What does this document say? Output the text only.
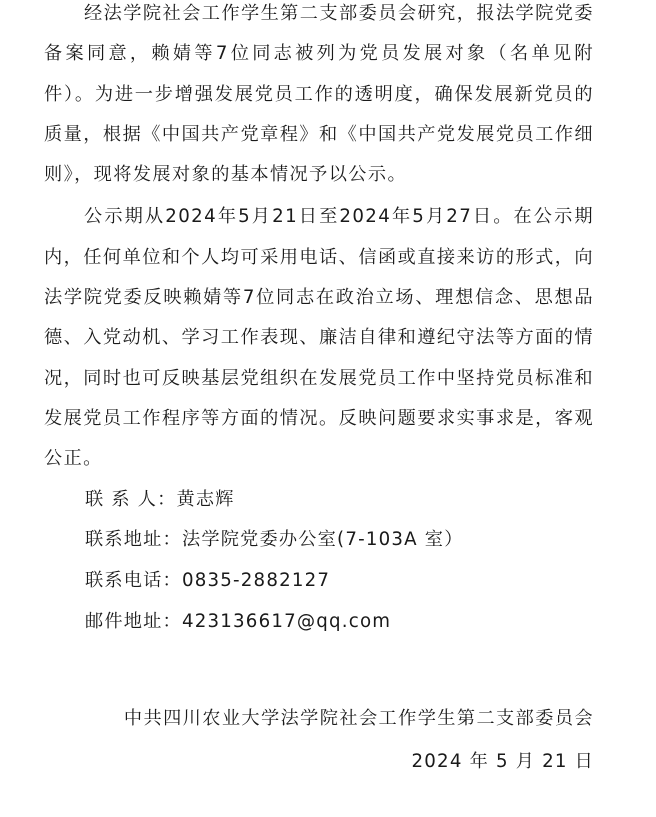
经法学院社会工作学生第二支部委员会研究，报法学院党委备案同意，赖婧等7位同志被列为党员发展对象（名单见附件）。为进一步增强发展党员工作的透明度，确保发展新党员的质量，根据《中国共产党章程》和《中国共产党发展党员工作细则》，现将发展对象的基本情况予以公示。

公示期从2024年5月21日至2024年5月27日。在公示期内，任何单位和个人均可采用电话、信函或直接来访的形式，向法学院党委反映赖婧等7位同志在政治立场、理想信念、思想品德、入党动机、学习工作表现、廉洁自律和遵纪守法等方面的情况，同时也可反映基层党组织在发展党员工作中坚持党员标准和发展党员工作程序等方面的情况。反映问题要求实事求是，客观公正。

联 系 人：黄志辉

联系地址：法学院党委办公室(7-103A 室）

联系电话：0835-2882127

邮件地址：423136617@qq.com

中共四川农业大学法学院社会工作学生第二支部委员会
2024 年 5 月 21 日
